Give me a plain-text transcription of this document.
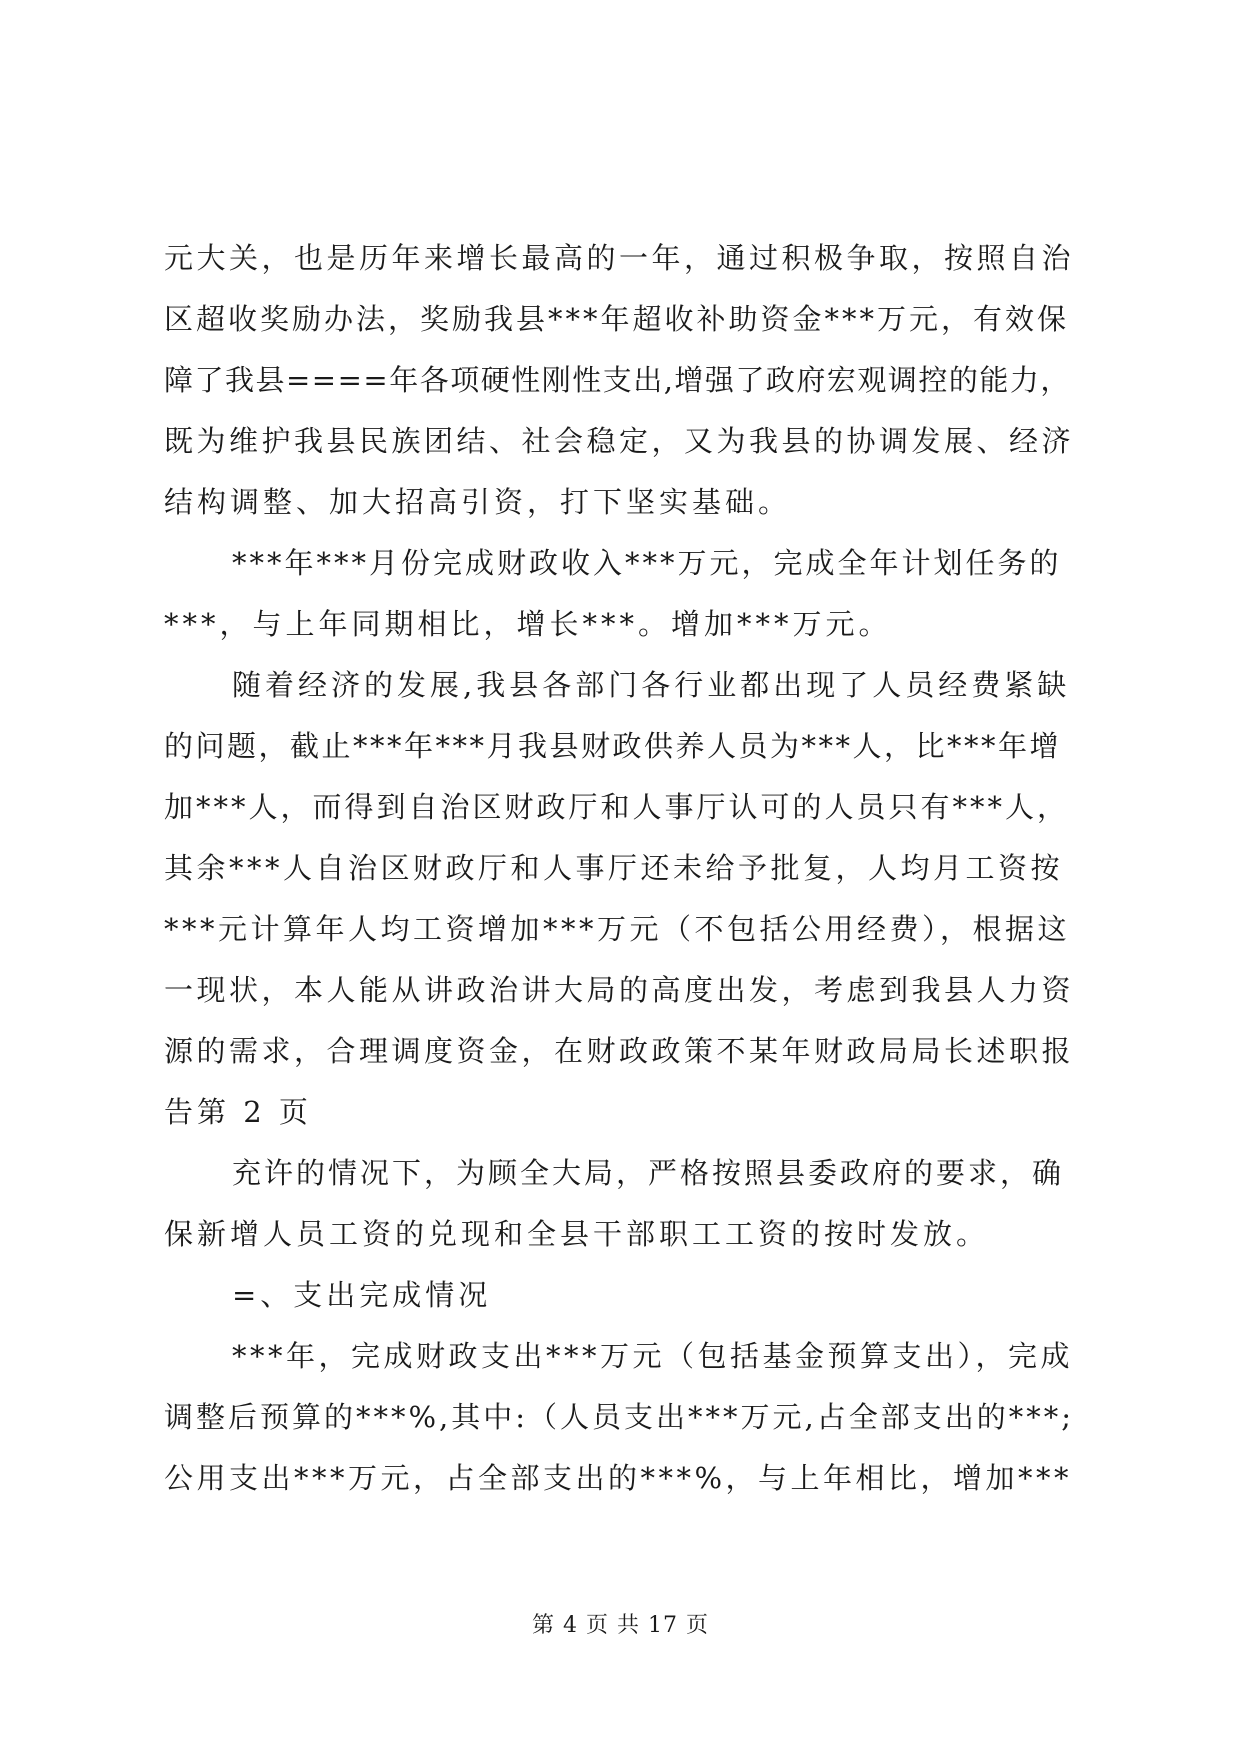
元大关，也是历年来增长最高的一年，通过积极争取，按照自治
区超收奖励办法，奖励我县***年超收补助资金***万元，有效保
障了我县====年各项硬性刚性支出,增强了政府宏观调控的能力，
既为维护我县民族团结、社会稳定，又为我县的协调发展、经济
结构调整、加大招高引资，打下坚实基础。

***年***月份完成财政收入***万元，完成全年计划任务的
***，与上年同期相比，增长***。增加***万元。

随着经济的发展,我县各部门各行业都出现了人员经费紧缺
的问题，截止***年***月我县财政供养人员为***人，比***年增
加***人，而得到自治区财政厅和人事厅认可的人员只有***人，
其余***人自治区财政厅和人事厅还未给予批复，人均月工资按
***元计算年人均工资增加***万元（不包括公用经费），根据这
一现状，本人能从讲政治讲大局的高度出发，考虑到我县人力资
源的需求，合理调度资金，在财政政策不某年财政局局长述职报
告第 2 页

充许的情况下，为顾全大局，严格按照县委政府的要求，确
保新增人员工资的兑现和全县干部职工工资的按时发放。

=、支出完成情况

***年，完成财政支出***万元（包括基金预算支出），完成
调整后预算的***%,其中:（人员支出***万元,占全部支出的***;
公用支出***万元，占全部支出的***%，与上年相比，增加***

第 4 页 共 17 页
